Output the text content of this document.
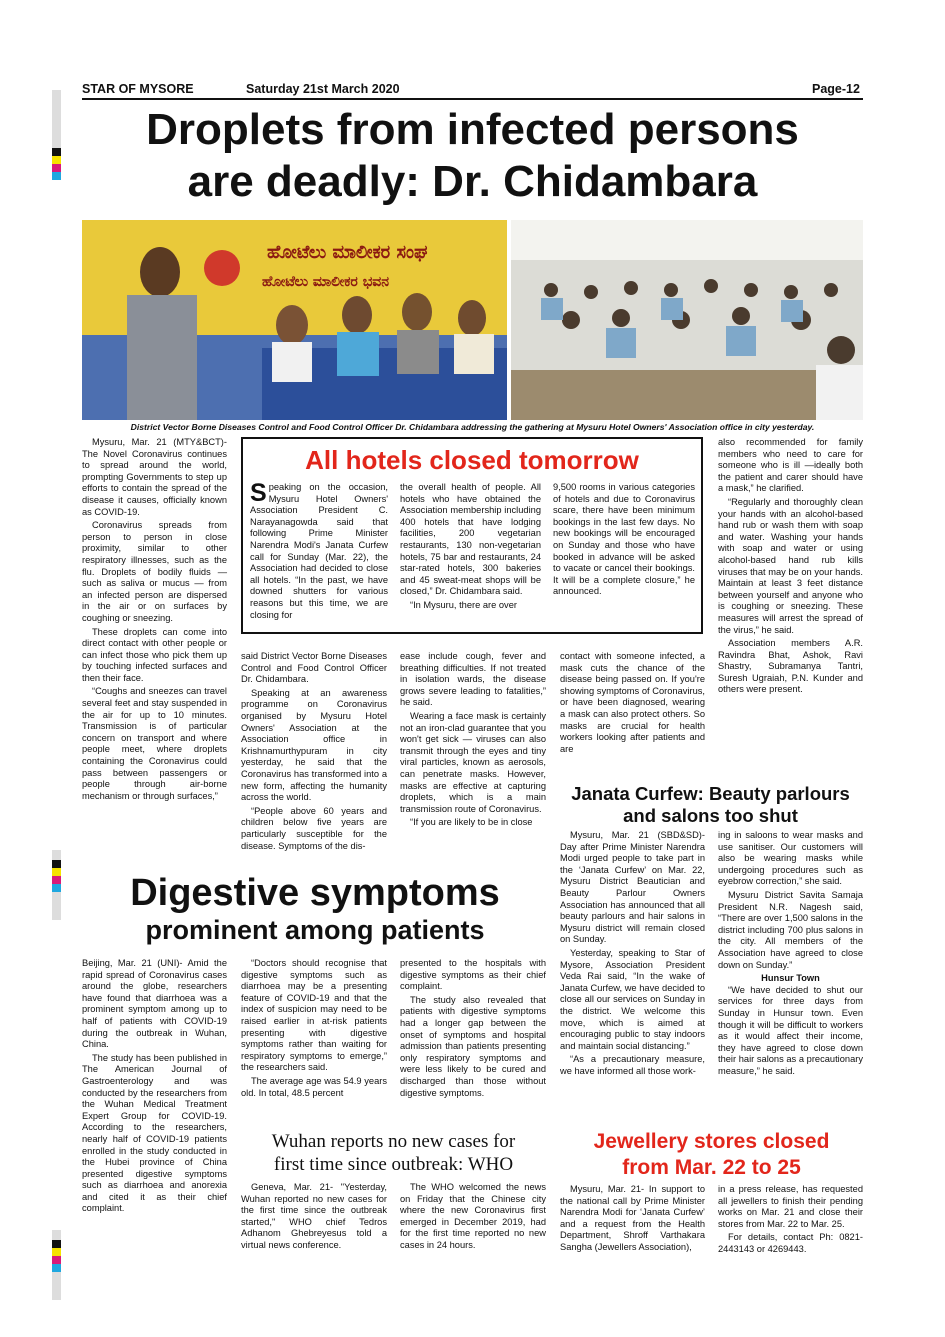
STAR OF MYSORE	Saturday 21st March 2020	Page-12
Droplets from infected persons
are deadly: Dr. Chidambara
ಹೋಟೆಲು ಮಾಲೀಕರ ಸಂಘ
ಹೋಟೆಲು ಮಾಲೀಕರ ಭವನ
District Vector Borne Diseases Control and Food Control Officer Dr. Chidambara addressing the gathering at Mysuru Hotel Owners' Association office in city yesterday.

Mysuru, Mar. 21 (MTY&BCT)- The Novel Coronavirus continues to spread around the world, prompting Governments to step up efforts to contain the spread of the disease it causes, officially known as COVID-19.

Coronavirus spreads from person to person in close proximity, similar to other respiratory illnesses, such as the flu. Droplets of bodily fluids — such as saliva or mucus — from an infected person are dispersed in the air or on surfaces by coughing or sneezing.

These droplets can come into direct contact with other people or can infect those who pick them up by touching infected surfaces and then their face.

“Coughs and sneezes can travel several feet and stay suspended in the air for up to 10 minutes. Transmission is of particular concern on transport and where people meet, where droplets containing the Coronavirus could pass between passengers or people through air-borne mechanism or through surfaces,”

All hotels closed tomorrow

Speaking on the occasion, Mysuru Hotel Owners' Association President C. Narayanagowda said that following Prime Minister Narendra Modi's Janata Curfew call for Sunday (Mar. 22), the Association had decided to close all hotels. “In the past, we have downed shutters for various reasons but this time, we are closing for

the overall health of people. All hotels who have obtained the Association membership including 400 hotels that have lodging facilities, 200 vegetarian restaurants, 130 non-vegetarian hotels, 75 bar and restaurants, 24 star-rated hotels, 300 bakeries and 45 sweat-meat shops will be closed,” Dr. Chidambara said.

“In Mysuru, there are over

9,500 rooms in various categories of hotels and due to Coronavirus scare, there have been minimum bookings in the last few days. No new bookings will be encouraged on Sunday and those who have booked in advance will be asked to vacate or cancel their bookings. It will be a complete closure,” he announced.

said District Vector Borne Diseases Control and Food Control Officer Dr. Chidambara.

Speaking at an awareness programme on Coronavirus organised by Mysuru Hotel Owners' Association at the Association office in Krishnamurthypuram in city yesterday, he said that the Coronavirus has transformed into a new form, affecting the humanity across the world.

“People above 60 years and children below five years are particularly susceptible for the disease. Symptoms of the dis-

ease include cough, fever and breathing difficulties. If not treated in isolation wards, the disease grows severe leading to fatalities,” he said.

Wearing a face mask is certainly not an iron-clad guarantee that you won't get sick — viruses can also transmit through the eyes and tiny viral particles, known as aerosols, can penetrate masks. However, masks are effective at capturing droplets, which is a main transmission route of Coronavirus.

“If you are likely to be in close

contact with someone infected, a mask cuts the chance of the disease being passed on. If you're showing symptoms of Coronavirus, or have been diagnosed, wearing a mask can also protect others. So masks are crucial for health workers looking after patients and are

also recommended for family members who need to care for someone who is ill —ideally both the patient and carer should have a mask,” he clarified.

“Regularly and thoroughly clean your hands with an alcohol-based hand rub or wash them with soap and water. Washing your hands with soap and water or using alcohol-based hand rub kills viruses that may be on your hands. Maintain at least 3 feet distance between yourself and anyone who is coughing or sneezing. These measures will arrest the spread of the virus,” he said.

Association members A.R. Ravindra Bhat, Ashok, Ravi Shastry, Subramanya Tantri, Suresh Ugraiah, P.N. Kunder and others were present.

Digestive symptoms
prominent among patients

Beijing, Mar. 21 (UNI)- Amid the rapid spread of Coronavirus cases around the globe, researchers have found that diarrhoea was a prominent symptom among up to half of patients with COVID-19 during the outbreak in Wuhan, China.

The study has been published in The American Journal of Gastroenterology and was conducted by the researchers from the Wuhan Medical Treatment Expert Group for COVID-19. According to the researchers, nearly half of COVID-19 patients enrolled in the study conducted in the Hubei province of China presented digestive symptoms such as diarrhoea and anorexia and cited it as their chief complaint.

“Doctors should recognise that digestive symptoms such as diarrhoea may be a presenting feature of COVID-19 and that the index of suspicion may need to be raised earlier in at-risk patients presenting with digestive symptoms rather than waiting for respiratory symptoms to emerge,” the researchers said.

The average age was 54.9 years old. In total, 48.5 percent

presented to the hospitals with digestive symptoms as their chief complaint.

The study also revealed that patients with digestive symptoms had a longer gap between the onset of symptoms and hospital admission than patients presenting only respiratory symptoms and were less likely to be cured and discharged than those without digestive symptoms.

Wuhan reports no new cases for
first time since outbreak: WHO

Geneva, Mar. 21- "Yesterday, Wuhan reported no new cases for the first time since the outbreak started," WHO chief Tedros Adhanom Ghebreyesus told a virtual news conference.

The WHO welcomed the news on Friday that the Chinese city where the new Coronavirus first emerged in December 2019, had for the first time reported no new cases in 24 hours.

Janata Curfew: Beauty parlours
and salons too shut

Mysuru, Mar. 21 (SBD&SD)- Day after Prime Minister Narendra Modi urged people to take part in the ‘Janata Curfew’ on Mar. 22, Mysuru District Beautician and Beauty Parlour Owners Association has announced that all beauty parlours and hair salons in Mysuru district will remain closed on Sunday.

Yesterday, speaking to Star of Mysore, Association President Veda Rai said, “In the wake of Janata Curfew, we have decided to close all our services on Sunday in the district. We welcome this move, which is aimed at encouraging public to stay indoors and maintain social distancing.”

“As a precautionary measure, we have informed all those work-

ing in saloons to wear masks and use sanitiser. Our customers will also be wearing masks while undergoing procedures such as eyebrow correction,” she said.

Mysuru District Savita Samaja President N.R. Nagesh said, “There are over 1,500 salons in the district including 700 plus salons in the city. All members of the Association have agreed to close down on Sunday.”

Hunsur Town

“We have decided to shut our services for three days from Sunday in Hunsur town. Even though it will be difficult to workers as it would affect their income, they have agreed to close down their hair salons as a precautionary measure,” he said.

Jewellery stores closed
from Mar. 22 to 25

Mysuru, Mar. 21- In support to the national call by Prime Minister Narendra Modi for ‘Janata Curfew’ and a request from the Health Department, Shroff Varthakara Sangha (Jewellers Association),

in a press release, has requested all jewellers to finish their pending works on Mar. 21 and close their stores from Mar. 22 to Mar. 25.

For details, contact Ph: 0821-2443143 or 4269443.
